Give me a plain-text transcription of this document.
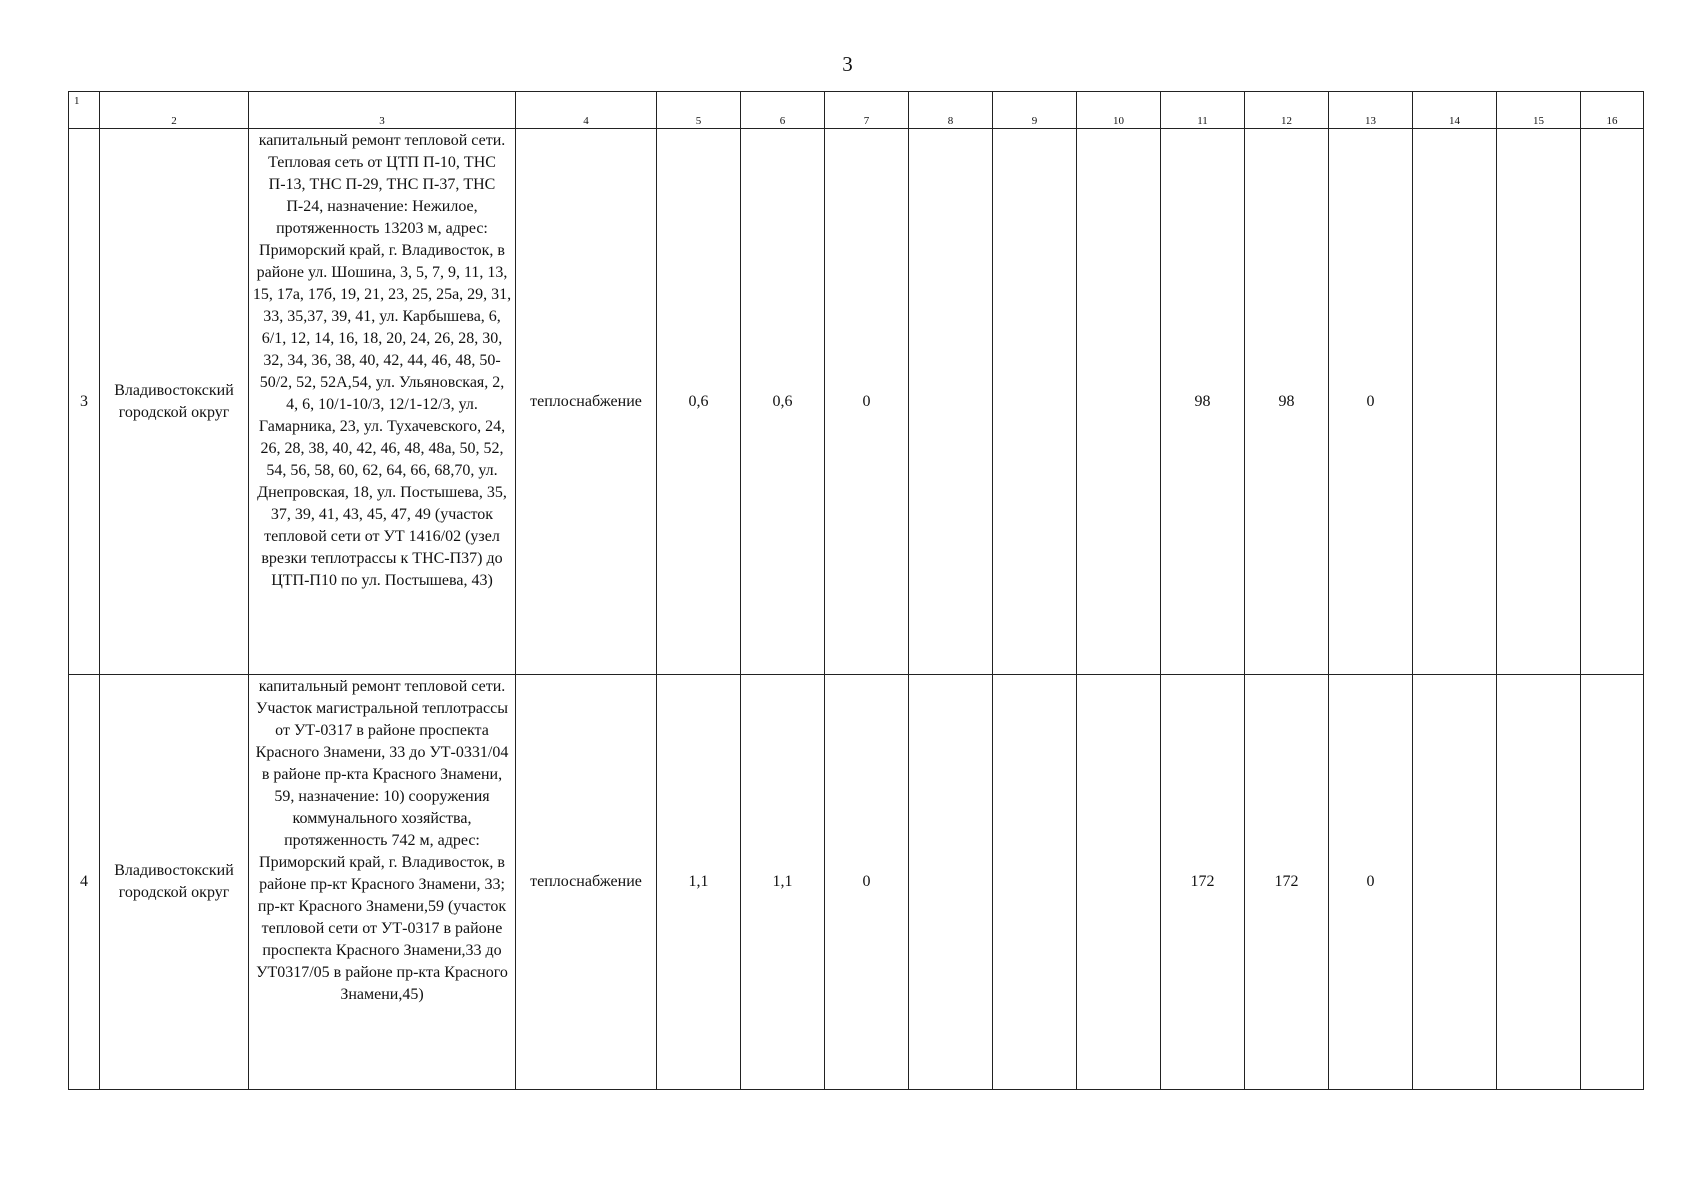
3
1	2	3	4	5	6	7	8	9	10	11	12	13	14	15	16
3	Владивостокский городской округ	капитальный ремонт тепловой сети. Тепловая сеть от ЦТП П-10, ТНС П-13, ТНС П-29, ТНС П-37, ТНС П-24, назначение: Нежилое, протяженность 13203 м, адрес: Приморский край, г. Владивосток, в районе ул. Шошина, 3, 5, 7, 9, 11, 13, 15, 17а, 17б, 19, 21, 23, 25, 25а, 29, 31, 33, 35,37, 39, 41, ул. Карбышева, 6, 6/1, 12, 14, 16, 18, 20, 24, 26, 28, 30, 32, 34, 36, 38, 40, 42, 44, 46, 48, 50-50/2, 52, 52А,54, ул. Ульяновская, 2, 4, 6, 10/1-10/3, 12/1-12/3, ул. Гамарника, 23, ул. Тухачевского, 24, 26, 28, 38, 40, 42, 46, 48, 48а, 50, 52, 54, 56, 58, 60, 62, 64, 66, 68,70, ул. Днепровская, 18, ул. Постышева, 35, 37, 39, 41, 43, 45, 47, 49 (участок тепловой сети от УТ 1416/02 (узел врезки теплотрассы к ТНС-П37) до ЦТП-П10 по ул. Постышева, 43)	теплоснабжение	0,6	0,6	0				98	98	0			
4	Владивостокский городской округ	капитальный ремонт тепловой сети. Участок магистральной теплотрассы от УТ-0317 в районе проспекта Красного Знамени, 33 до УТ-0331/04 в районе пр-кта Красного Знамени, 59, назначение: 10) сооружения коммунального хозяйства, протяженность 742 м, адрес: Приморский край, г. Владивосток, в районе пр-кт Красного Знамени, 33; пр-кт Красного Знамени,59 (участок тепловой сети от УТ-0317 в районе проспекта Красного Знамени,33 до УТ0317/05 в районе пр-кта Красного Знамени,45)	теплоснабжение	1,1	1,1	0				172	172	0			
